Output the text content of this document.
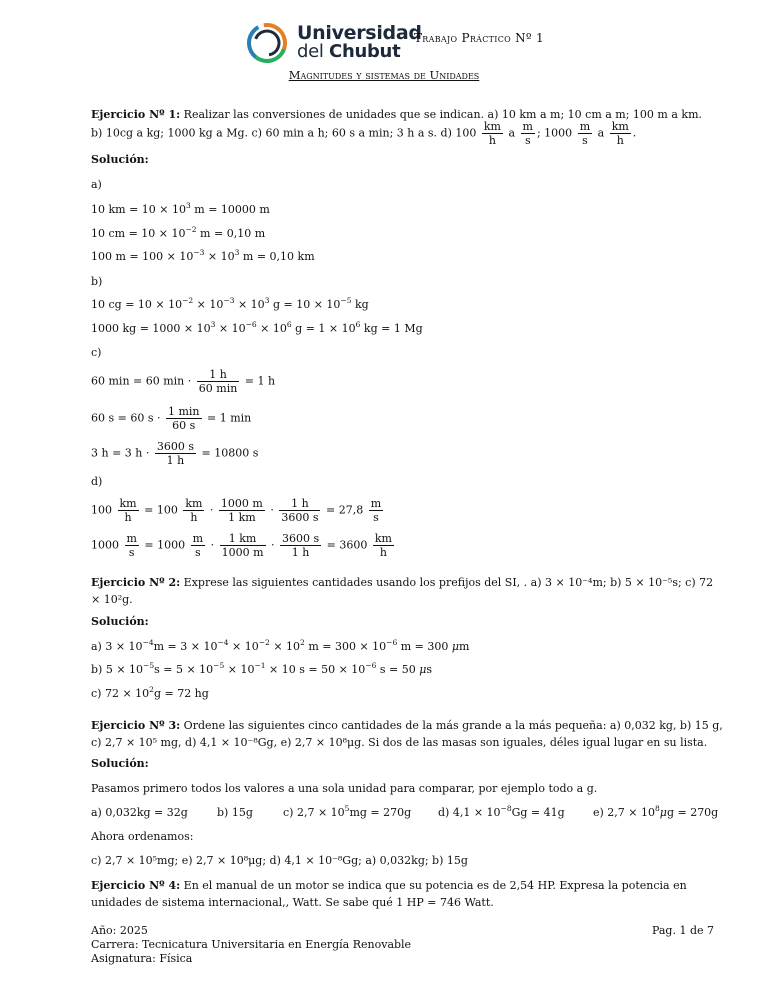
Universidad
del Chubut
Trabajo Práctico Nº 1
Magnitudes y sistemas de Unidades
Ejercicio Nº 1: Realizar las conversiones de unidades que se indican. a) 10 km a m; 10 cm a m; 100 m a km.
b) 10cg a kg; 1000 kg a Mg. c) 60 min a h; 60 s a min; 3 h a s. d) $100 \frac{km}{h}$ a $\frac{m}{s}$ ; $1000 \frac{m}{s}$ a $\frac{km}{h}$ .
Solución:
a)
10 km = $10 \times 10^3$ m = 10000 m
10 cm = $10 \times 10^{-2}$ m = 0,10 m
100 $m = 100 \times 10^{-3} \times 10^3$ m = 0,10 km
b)
10 cg = $10 \times 10^{-2} \times 10^{-3} \times 10^3$ $g = 10 \times 10^{-5}$ kg
1000 kg = $1000 \times 10^3 \times 10^{-6} \times 10^6$ $g = 1 \times 10^6$ kg = 1 Mg
c)
60 min = 60 $\min \cdot \frac{1 h}{60 \min} = 1$ h
60 s = 60 $s \cdot \frac{1 \min}{60 s} = 1$ min
3 h = 3 $h \cdot \frac{3600 s}{1 h} = 10800$ s
d)
$100 \frac{km}{h} = 100 \frac{km}{h} \cdot \frac{1000 m}{1 km} \cdot \frac{1 h}{3600 s} = 27,8 \frac{m}{s}$
$1000 \frac{m}{s} = 1000 \frac{m}{s} \cdot \frac{1 km}{1000 m} \cdot \frac{3600 s}{1 h} = 3600 \frac{km}{h}$
Ejercicio Nº 2: Exprese las siguientes cantidades usando los prefijos del SI, . a) 3 × 10⁻⁴m; b) 5 × 10⁻⁵s; c) 72 × 10²g.
Solución:
a) $3 \times 10^{-4}m = 3 \times 10^{-4} \times 10^{-2} \times 10^2$ $m = 300 \times 10^{-6}$ m = 300 μm
b) $5 \times 10^{-5}s = 5 \times 10^{-5} \times 10^{-1} \times 10$ $s = 50 \times 10^{-6}$ s = 50 μs
c) $72 \times 10^2g = 72$ hg
Ejercicio Nº 3: Ordene las siguientes cinco cantidades de la más grande a la más pequeña: a) 0,032 kg, b) 15 g, c) 2,7 × 10⁵ mg, d) 4,1 × 10⁻⁸Gg, e) 2,7 × 10⁸μg. Si dos de las masas son iguales, déles igual lugar en su lista.
Solución:
Pasamos primero todos los valores a una sola unidad para comparar, por ejemplo todo a g.
a) 0,032kg = 32g	b) 15g	c) $2,7 \times 10^5mg = 270g$ d) $4,1 \times 10^{-8}Gg = 41g$	e) $2,7 \times 10^8\mu g = 270g$
Ahora ordenamos:
c) 2,7 × 10⁵mg; e) 2,7 × 10⁸μg; d) 4,1 × 10⁻⁸Gg; a) 0,032kg; b) 15g
Ejercicio Nº 4: En el manual de un motor se indica que su potencia es de 2,54 HP. Expresa la potencia en unidades de sistema internacional,, Watt. Se sabe qué 1 HP = 746 Watt.
Año: 2025
Carrera: Tecnicatura Universitaria en Energía Renovable
Asignatura: Física
Pag. 1 de 7
